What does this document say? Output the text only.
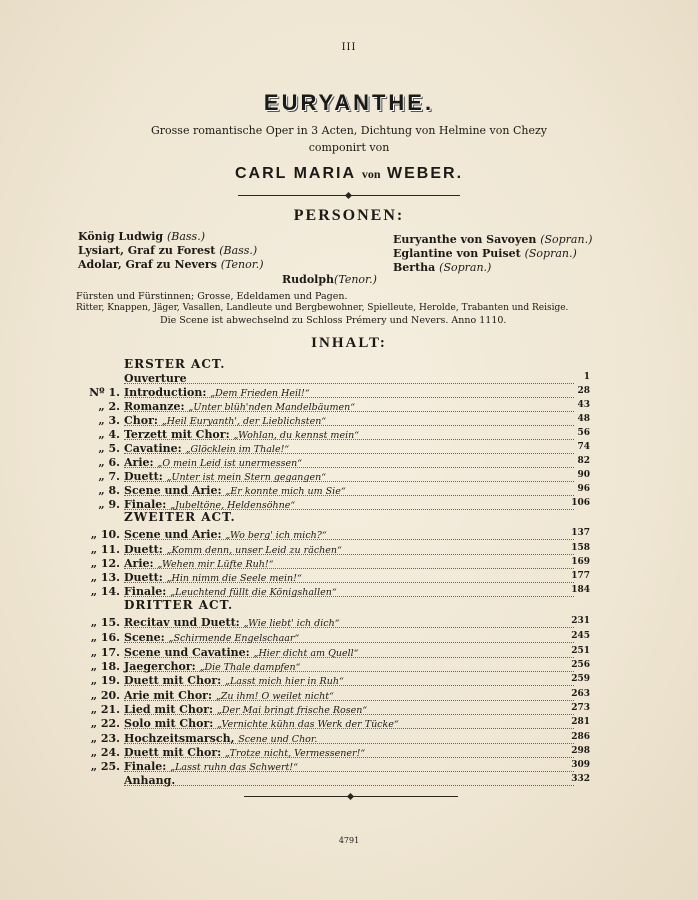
III
EURYANTHE.
Grosse romantische Oper in 3 Acten, Dichtung von Helmine von Chezy
componirt von
CARL MARIA von WEBER.
PERSONEN:
König Ludwig (Bass.)
Lysiart, Graf zu Forest (Bass.)
Adolar, Graf zu Nevers (Tenor.)
Euryanthe von Savoyen (Sopran.)
Eglantine von Puiset (Sopran.)
Bertha (Sopran.)
Rudolph(Tenor.)
Fürsten und Fürstinnen; Grosse, Edeldamen und Pagen.
Ritter, Knappen, Jäger, Vasallen, Landleute und Bergbewohner, Spielleute, Herolde, Trabanten und Reisige.
Die Scene ist abwechselnd zu Schloss Prémery und Nevers. Anno 1110.
INHALT:
ERSTER ACT.
ZWEITER ACT.
DRITTER ACT.
Ouverture	1
Nº 1. Introduction: „Dem Frieden Heil!“	28
„ 2. Romanze: „Unter blüh'nden Mandelbäumen“	43
„ 3. Chor: „Heil Euryanth', der Lieblichsten“	48
„ 4. Terzett mit Chor: „Wohlan, du kennst mein“	56
„ 5. Cavatine: „Glöcklein im Thale!“	74
„ 6. Arie: „O mein Leid ist unermessen“	82
„ 7. Duett: „Unter ist mein Stern gegangen“	90
„ 8. Scene und Arie: „Er konnte mich um Sie“	96
„ 9. Finale: „Jubeltöne, Heldensöhne“	106
„ 10. Scene und Arie: „Wo berg' ich mich?“	137
„ 11. Duett: „Komm denn, unser Leid zu rächen“	158
„ 12. Arie: „Wehen mir Lüfte Ruh!“	169
„ 13. Duett: „Hin nimm die Seele mein!“	177
„ 14. Finale: „Leuchtend füllt die Königshallen“	184
„ 15. Recitav und Duett: „Wie liebt' ich dich“	231
„ 16. Scene: „Schirmende Engelschaar“	245
„ 17. Scene und Cavatine: „Hier dicht am Quell“	251
„ 18. Jaegerchor: „Die Thale dampfen“	256
„ 19. Duett mit Chor: „Lasst mich hier in Ruh“	259
„ 20. Arie mit Chor: „Zu ihm! O weilet nicht“	263
„ 21. Lied mit Chor: „Der Mai bringt frische Rosen“	273
„ 22. Solo mit Chor: „Vernichte kühn das Werk der Tücke“	281
„ 23. Hochzeitsmarsch, Scene und Chor.	286
„ 24. Duett mit Chor: „Trotze nicht, Vermessener!“	298
„ 25. Finale: „Lasst ruhn das Schwert!“	309
Anhang.	332
4791
